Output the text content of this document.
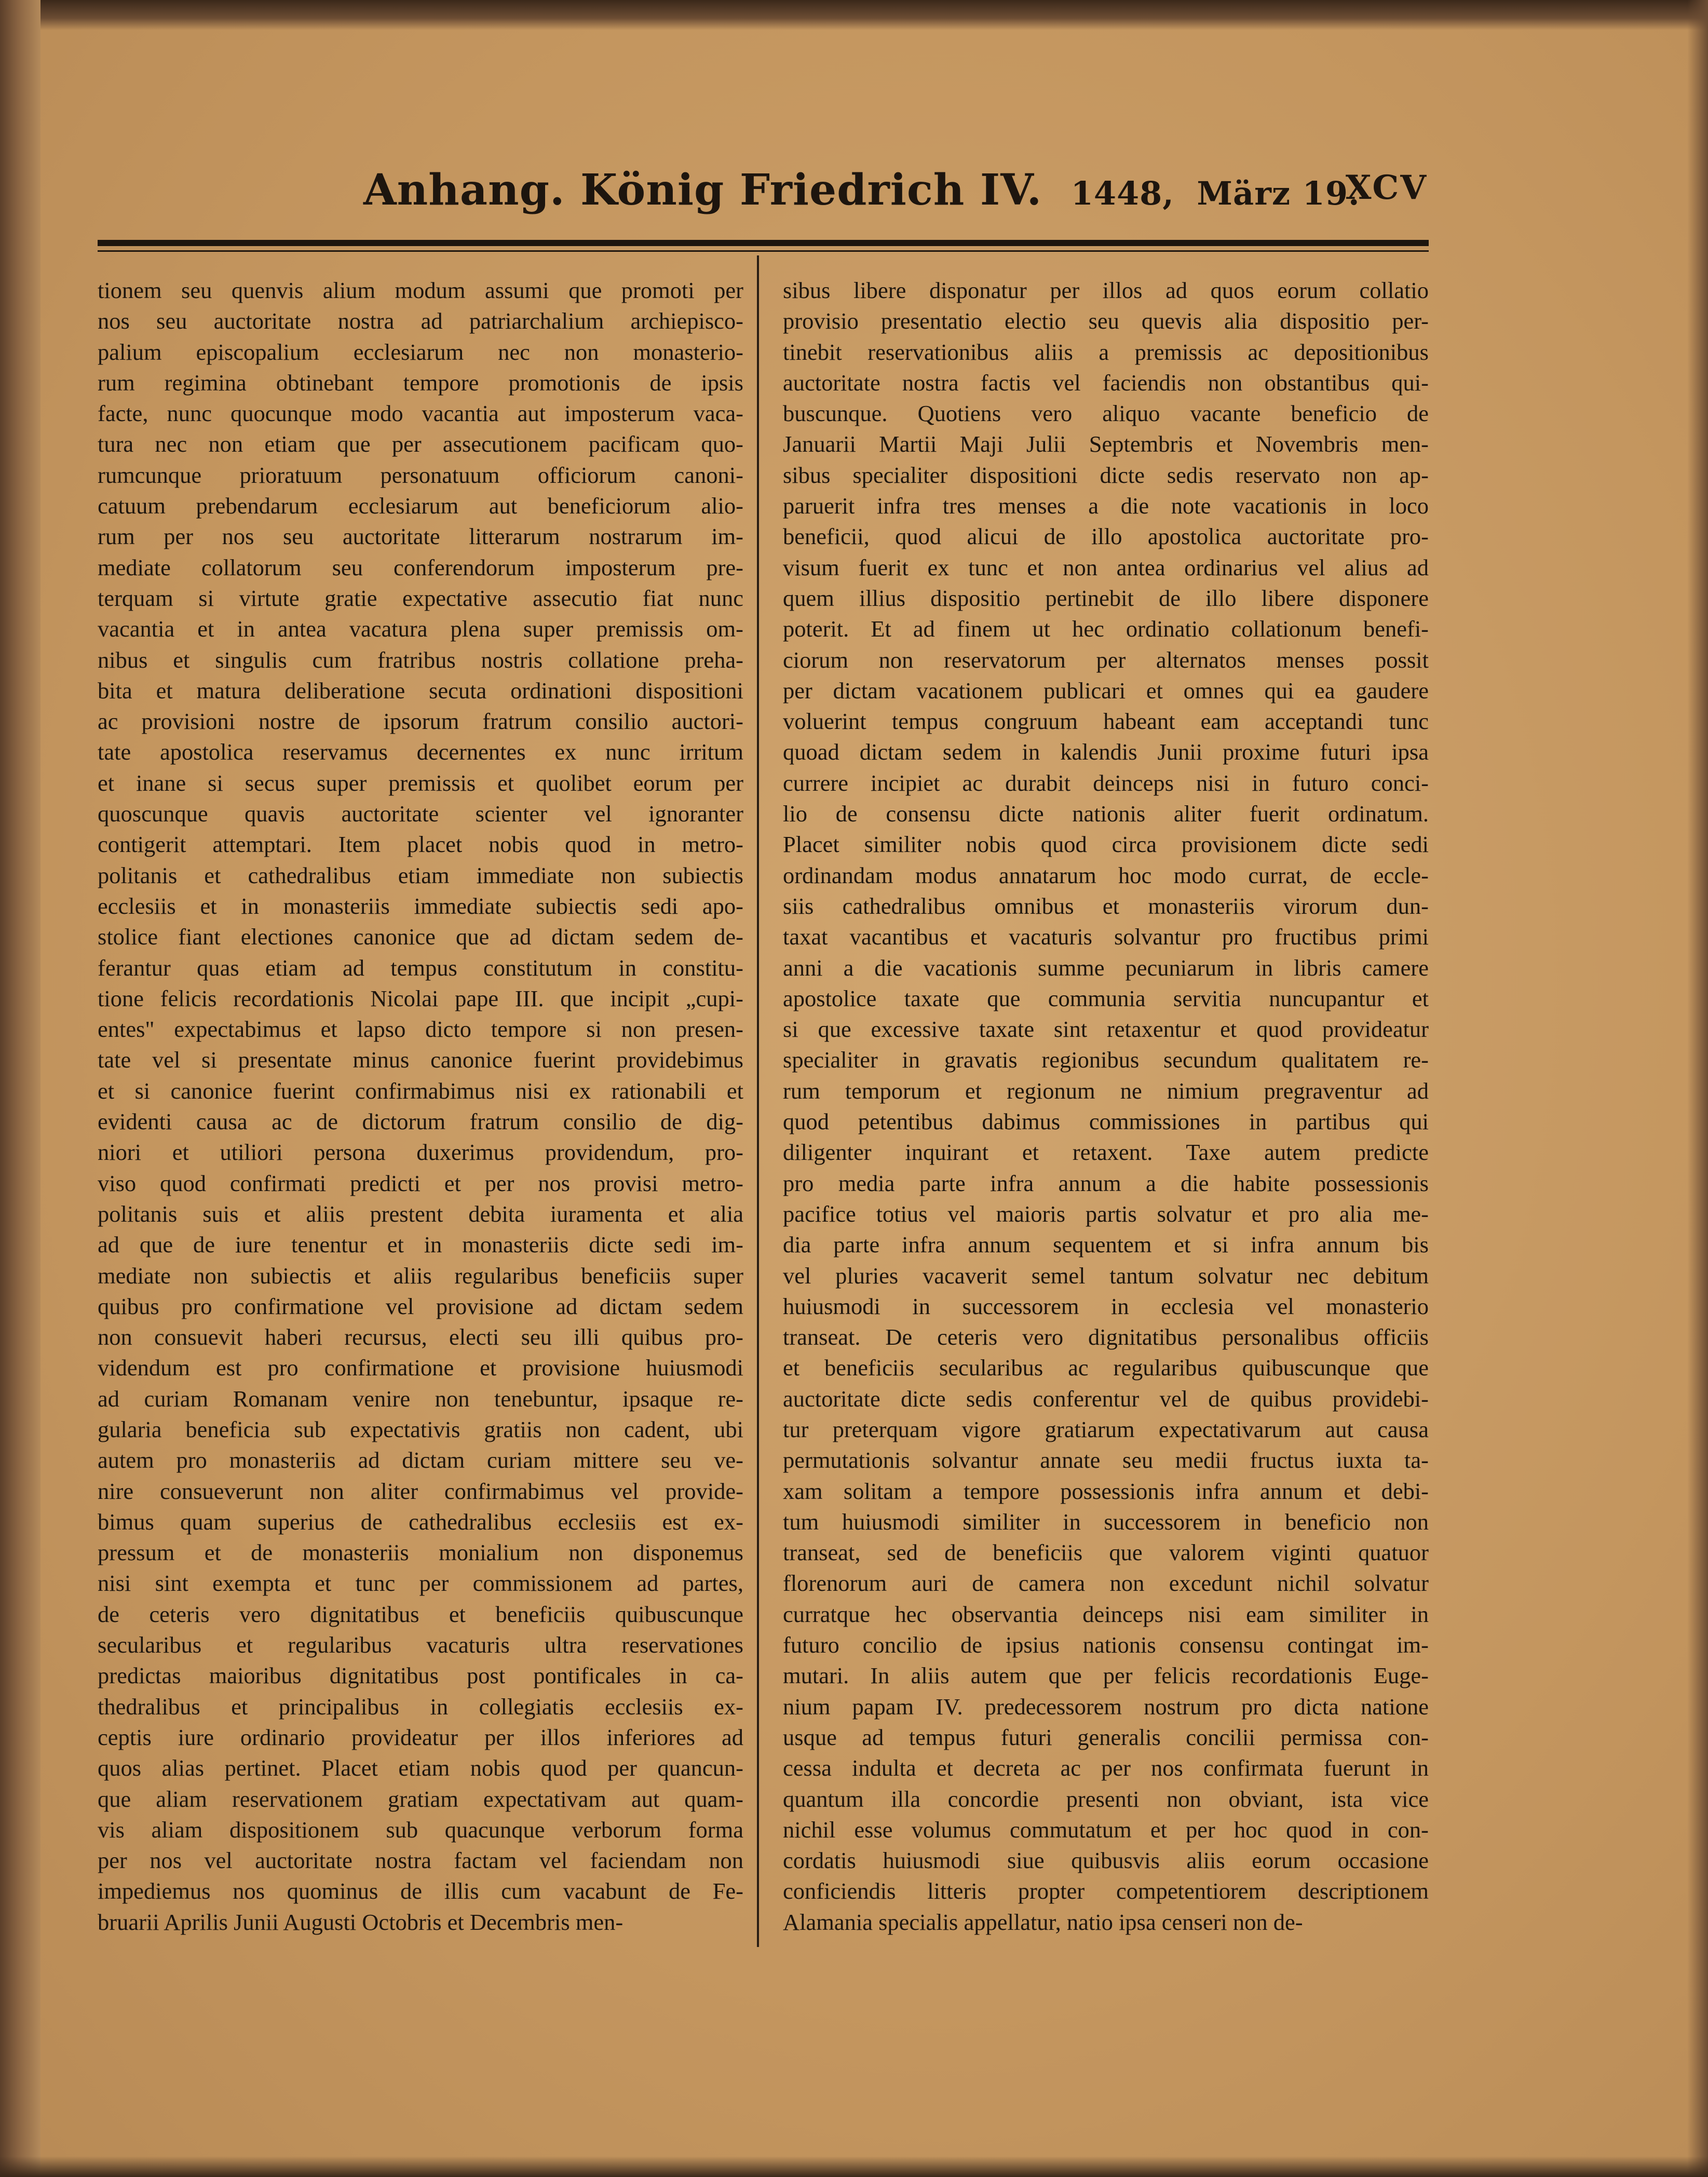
Anhang. König Friedrich IV. 1448, März 19.
XCV
tionem seu quenvis alium modum assumi que promoti per
nos seu auctoritate nostra ad patriarchalium archiepisco-
palium episcopalium ecclesiarum nec non monasterio-
rum regimina obtinebant tempore promotionis de ipsis
facte, nunc quocunque modo vacantia aut imposterum vaca-
tura nec non etiam que per assecutionem pacificam quo-
rumcunque prioratuum personatuum officiorum canoni-
catuum prebendarum ecclesiarum aut beneficiorum alio-
rum per nos seu auctoritate litterarum nostrarum im-
mediate collatorum seu conferendorum imposterum pre-
terquam si virtute gratie expectative assecutio fiat nunc
vacantia et in antea vacatura plena super premissis om-
nibus et singulis cum fratribus nostris collatione preha-
bita et matura deliberatione secuta ordinationi dispositioni
ac provisioni nostre de ipsorum fratrum consilio auctori-
tate apostolica reservamus decernentes ex nunc irritum
et inane si secus super premissis et quolibet eorum per
quoscunque quavis auctoritate scienter vel ignoranter
contigerit attemptari. Item placet nobis quod in metro-
politanis et cathedralibus etiam immediate non subiectis
ecclesiis et in monasteriis immediate subiectis sedi apo-
stolice fiant electiones canonice que ad dictam sedem de-
ferantur quas etiam ad tempus constitutum in constitu-
tione felicis recordationis Nicolai pape III. que incipit „cupi-
entes" expectabimus et lapso dicto tempore si non presen-
tate vel si presentate minus canonice fuerint providebimus
et si canonice fuerint confirmabimus nisi ex rationabili et
evidenti causa ac de dictorum fratrum consilio de dig-
niori et utiliori persona duxerimus providendum, pro-
viso quod confirmati predicti et per nos provisi metro-
politanis suis et aliis prestent debita iuramenta et alia
ad que de iure tenentur et in monasteriis dicte sedi im-
mediate non subiectis et aliis regularibus beneficiis super
quibus pro confirmatione vel provisione ad dictam sedem
non consuevit haberi recursus, electi seu illi quibus pro-
videndum est pro confirmatione et provisione huiusmodi
ad curiam Romanam venire non tenebuntur, ipsaque re-
gularia beneficia sub expectativis gratiis non cadent, ubi
autem pro monasteriis ad dictam curiam mittere seu ve-
nire consueverunt non aliter confirmabimus vel provide-
bimus quam superius de cathedralibus ecclesiis est ex-
pressum et de monasteriis monialium non disponemus
nisi sint exempta et tunc per commissionem ad partes,
de ceteris vero dignitatibus et beneficiis quibuscunque
secularibus et regularibus vacaturis ultra reservationes
predictas maioribus dignitatibus post pontificales in ca-
thedralibus et principalibus in collegiatis ecclesiis ex-
ceptis iure ordinario provideatur per illos inferiores ad
quos alias pertinet. Placet etiam nobis quod per quancun-
que aliam reservationem gratiam expectativam aut quam-
vis aliam dispositionem sub quacunque verborum forma
per nos vel auctoritate nostra factam vel faciendam non
impediemus nos quominus de illis cum vacabunt de Fe-
bruarii Aprilis Junii Augusti Octobris et Decembris men-
sibus libere disponatur per illos ad quos eorum collatio
provisio presentatio electio seu quevis alia dispositio per-
tinebit reservationibus aliis a premissis ac depositionibus
auctoritate nostra factis vel faciendis non obstantibus qui-
buscunque. Quotiens vero aliquo vacante beneficio de
Januarii Martii Maji Julii Septembris et Novembris men-
sibus specialiter dispositioni dicte sedis reservato non ap-
paruerit infra tres menses a die note vacationis in loco
beneficii, quod alicui de illo apostolica auctoritate pro-
visum fuerit ex tunc et non antea ordinarius vel alius ad
quem illius dispositio pertinebit de illo libere disponere
poterit. Et ad finem ut hec ordinatio collationum benefi-
ciorum non reservatorum per alternatos menses possit
per dictam vacationem publicari et omnes qui ea gaudere
voluerint tempus congruum habeant eam acceptandi tunc
quoad dictam sedem in kalendis Junii proxime futuri ipsa
currere incipiet ac durabit deinceps nisi in futuro conci-
lio de consensu dicte nationis aliter fuerit ordinatum.
Placet similiter nobis quod circa provisionem dicte sedi
ordinandam modus annatarum hoc modo currat, de eccle-
siis cathedralibus omnibus et monasteriis virorum dun-
taxat vacantibus et vacaturis solvantur pro fructibus primi
anni a die vacationis summe pecuniarum in libris camere
apostolice taxate que communia servitia nuncupantur et
si que excessive taxate sint retaxentur et quod provideatur
specialiter in gravatis regionibus secundum qualitatem re-
rum temporum et regionum ne nimium pregraventur ad
quod petentibus dabimus commissiones in partibus qui
diligenter inquirant et retaxent. Taxe autem predicte
pro media parte infra annum a die habite possessionis
pacifice totius vel maioris partis solvatur et pro alia me-
dia parte infra annum sequentem et si infra annum bis
vel pluries vacaverit semel tantum solvatur nec debitum
huiusmodi in successorem in ecclesia vel monasterio
transeat. De ceteris vero dignitatibus personalibus officiis
et beneficiis secularibus ac regularibus quibuscunque que
auctoritate dicte sedis conferentur vel de quibus providebi-
tur preterquam vigore gratiarum expectativarum aut causa
permutationis solvantur annate seu medii fructus iuxta ta-
xam solitam a tempore possessionis infra annum et debi-
tum huiusmodi similiter in successorem in beneficio non
transeat, sed de beneficiis que valorem viginti quatuor
florenorum auri de camera non excedunt nichil solvatur
curratque hec observantia deinceps nisi eam similiter in
futuro concilio de ipsius nationis consensu contingat im-
mutari. In aliis autem que per felicis recordationis Euge-
nium papam IV. predecessorem nostrum pro dicta natione
usque ad tempus futuri generalis concilii permissa con-
cessa indulta et decreta ac per nos confirmata fuerunt in
quantum illa concordie presenti non obviant, ista vice
nichil esse volumus commutatum et per hoc quod in con-
cordatis huiusmodi siue quibusvis aliis eorum occasione
conficiendis litteris propter competentiorem descriptionem
Alamania specialis appellatur, natio ipsa censeri non de-
